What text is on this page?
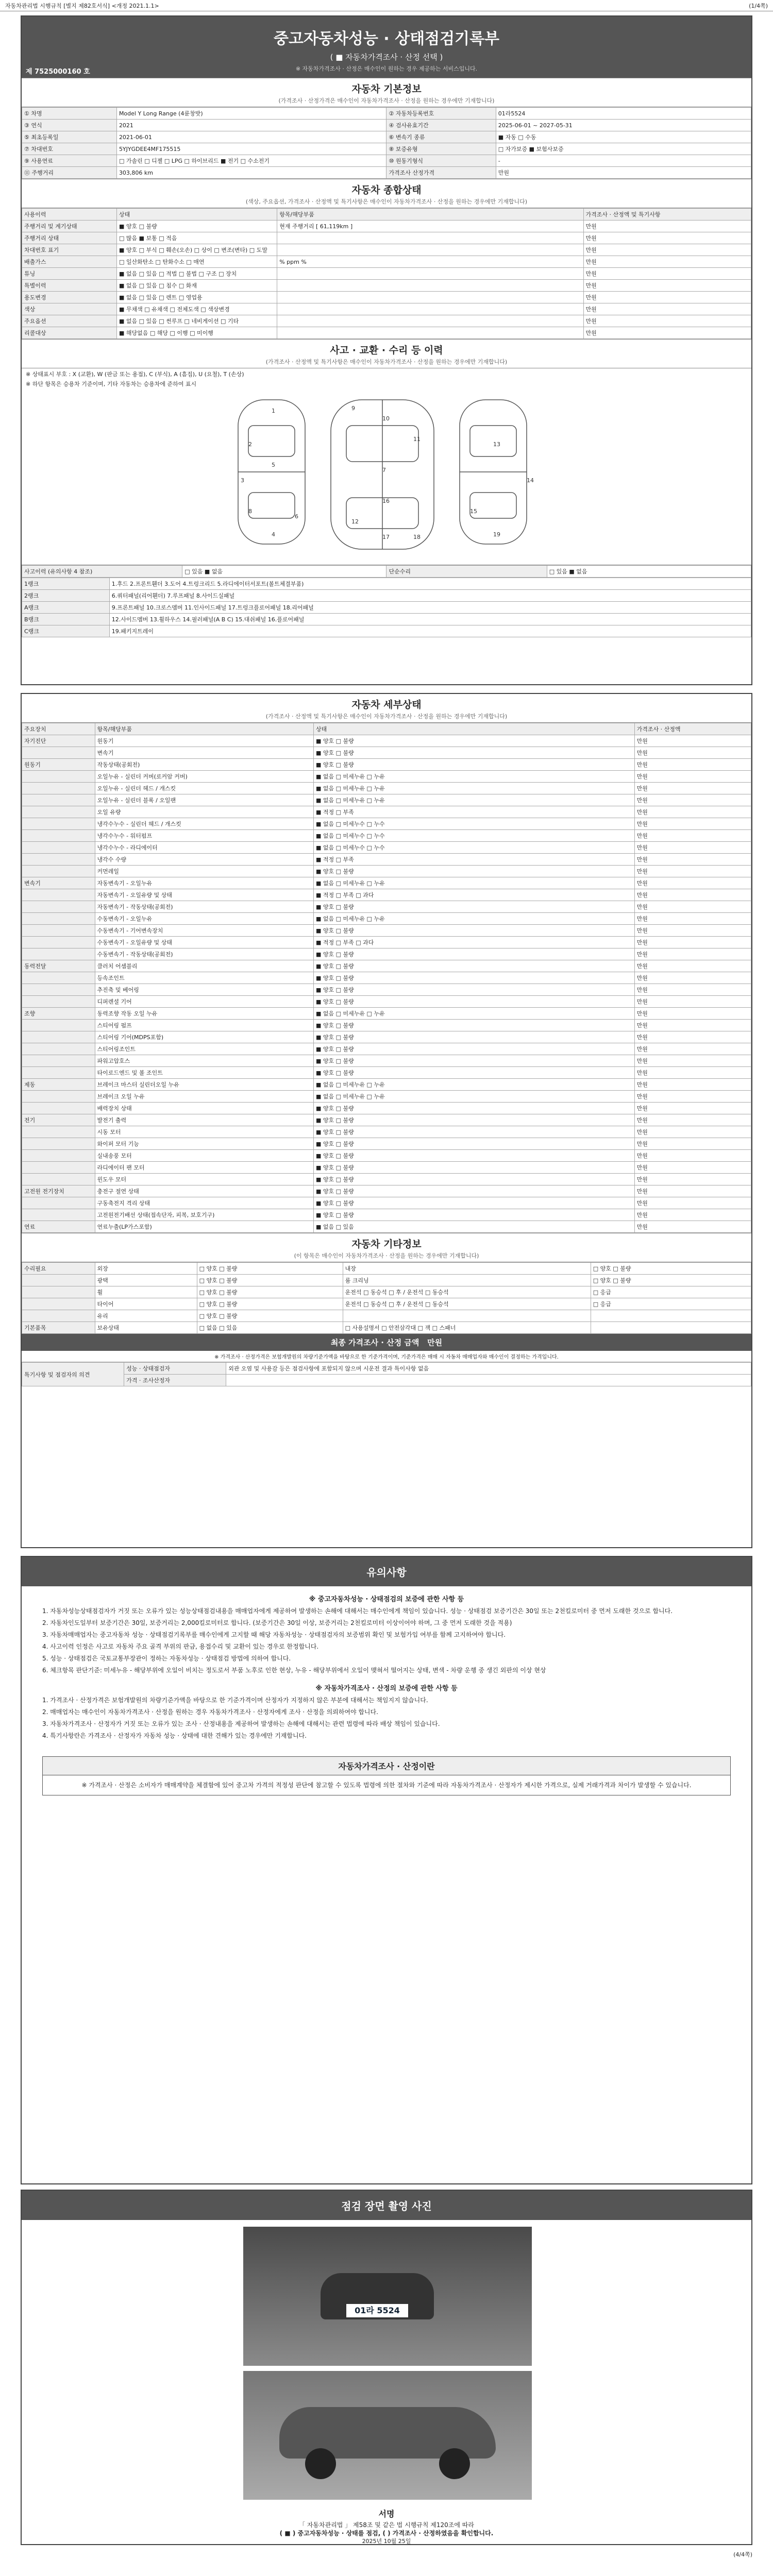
자동차관리법 시행규칙 [별지 제82호서식] <개정 2021.1.1>	(1/4쪽)
중고자동차성능 · 상태점검기록부
( ■ 자동차가격조사 · 산정 선택 )
※ 자동차가격조사 · 산정은 매수인이 원하는 경우 제공하는 서비스입니다.
제 7525000160 호
자동차 기본정보
(가격조사 · 산정가격은 매수인이 자동차가격조사 · 산정을 원하는 경우에만 기재합니다)
① 차명	Model Y Long Range (4륜창밧)	② 자동차등록번호	01라5524
③ 연식	2021	④ 검사유효기간	2025-06-01 ~ 2027-05-31
⑤ 최초등록일	2021-06-01	⑥ 변속기 종류	■ 자동 □ 수동
⑦ 차대번호	5YJYGDEE4MF175515	⑧ 보증유형	□ 자가보증 ■ 보험사보증
⑨ 사용연료	□ 가솔린 □ 디젤 □ LPG □ 하이브리드 ■ 전기 □ 수소전기	⑩ 원동기형식	-
⑪ 주행거리	303,806 km	가격조사 산정가격	만원
자동차 종합상태
(색상, 주요옵션, 가격조사 · 산정액 및 특기사항은 매수인이 자동차가격조사 · 산정을 원하는 경우에만 기재합니다)
사용이력	상태	항목/해당부품	가격조사 · 산정액 및 특기사항
주행거리 및 계기상태	■ 양호 □ 불량	현재 주행거리 [ 61,119km ]	만원
주행거리 상태	□ 많음 ■ 보통 □ 적음		만원
차대번호 표기	■ 양호 □ 부식 □ 훼손(오손) □ 상이 □ 변조(변타) □ 도말		만원
배출가스	□ 일산화탄소 □ 탄화수소 □ 매연	% ppm %	만원
튜닝	■ 없음 □ 있음 □ 적법 □ 불법 □ 구조 □ 장치		만원
특별이력	■ 없음 □ 있음 □ 침수 □ 화재		만원
용도변경	■ 없음 □ 있음 □ 렌트 □ 영업용		만원
색상	■ 무채색 □ 유채색 □ 전체도색 □ 색상변경		만원
주요옵션	■ 없음 □ 있음 □ 썬루프 □ 네비게이션 □ 기타		만원
리콜대상	■ 해당없음 □ 해당 □ 이행 □ 미이행		만원
사고 · 교환 · 수리 등 이력
(가격조사 · 산정액 및 특기사항은 매수인이 자동차가격조사 · 산정을 원하는 경우에만 기재합니다)
※ 상태표시 부호 : X (교환), W (판금 또는 용접), C (부식), A (흠집), U (요철), T (손상)
※ 하단 항목은 승용차 기준이며, 기타 자동차는 승용차에 준하여 표시
1
2
3
4
5
6
7
8
9
10
11
12
13
14
15
16
17	18	19
사고이력 (유의사항 4 참조)	□ 있음 ■ 없음	단순수리	□ 있음 ■ 없음
1랭크	1.후드 2.프론트휀더 3.도어 4.트렁크리드 5.라디에이터서포트(볼트체결부품)
2랭크	6.쿼터패널(리어휀더) 7.루프패널 8.사이드실패널
A랭크	9.프론트패널 10.크로스멤버 11.인사이드패널 17.트렁크플로어패널 18.리어패널
B랭크	12.사이드멤버 13.휠하우스 14.필러패널(A B C) 15.대쉬패널 16.플로어패널
C랭크	19.패키지트레이
자동차 세부상태
(가격조사 · 산정액 및 특기사항은 매수인이 자동차가격조사 · 산정을 원하는 경우에만 기재합니다)
주요장치	항목/해당부품	상태	가격조사 · 산정액
자기진단	원동기	■ 양호 □ 불량	만원
	변속기	■ 양호 □ 불량	만원
원동기	작동상태(공회전)	■ 양호 □ 불량	만원
	오일누유 - 실린더 커버(로커암 커버)	■ 없음 □ 미세누유 □ 누유	만원
	오일누유 - 실린더 헤드 / 개스킷	■ 없음 □ 미세누유 □ 누유	만원
	오일누유 - 실린더 블록 / 오일팬	■ 없음 □ 미세누유 □ 누유	만원
	오일 유량	■ 적정 □ 부족	만원
	냉각수누수 - 실린더 헤드 / 개스킷	■ 없음 □ 미세누수 □ 누수	만원
	냉각수누수 - 워터펌프	■ 없음 □ 미세누수 □ 누수	만원
	냉각수누수 - 라디에이터	■ 없음 □ 미세누수 □ 누수	만원
	냉각수 수량	■ 적정 □ 부족	만원
	커먼레일	■ 양호 □ 불량	만원
변속기	자동변속기 - 오일누유	■ 없음 □ 미세누유 □ 누유	만원
	자동변속기 - 오일유량 및 상태	■ 적정 □ 부족 □ 과다	만원
	자동변속기 - 작동상태(공회전)	■ 양호 □ 불량	만원
	수동변속기 - 오일누유	■ 없음 □ 미세누유 □ 누유	만원
	수동변속기 - 기어변속장치	■ 양호 □ 불량	만원
	수동변속기 - 오일유량 및 상태	■ 적정 □ 부족 □ 과다	만원
	수동변속기 - 작동상태(공회전)	■ 양호 □ 불량	만원
동력전달	클러치 어셈블리	■ 양호 □ 불량	만원
	등속조인트	■ 양호 □ 불량	만원
	추진축 및 베어링	■ 양호 □ 불량	만원
	디퍼렌셜 기어	■ 양호 □ 불량	만원
조향	동력조향 작동 오일 누유	■ 없음 □ 미세누유 □ 누유	만원
	스티어링 펌프	■ 양호 □ 불량	만원
	스티어링 기어(MDPS포함)	■ 양호 □ 불량	만원
	스티어링조인트	■ 양호 □ 불량	만원
	파워고압호스	■ 양호 □ 불량	만원
	타이로드엔드 및 볼 조인트	■ 양호 □ 불량	만원
제동	브레이크 마스터 실린더오일 누유	■ 없음 □ 미세누유 □ 누유	만원
	브레이크 오일 누유	■ 없음 □ 미세누유 □ 누유	만원
	배력장치 상태	■ 양호 □ 불량	만원
전기	발전기 출력	■ 양호 □ 불량	만원
	시동 모터	■ 양호 □ 불량	만원
	와이퍼 모터 기능	■ 양호 □ 불량	만원
	실내송풍 모터	■ 양호 □ 불량	만원
	라디에이터 팬 모터	■ 양호 □ 불량	만원
	윈도우 모터	■ 양호 □ 불량	만원
고전원 전기장치	충전구 절연 상태	■ 양호 □ 불량	만원
	구동축전지 격리 상태	■ 양호 □ 불량	만원
	고전원전기배선 상태(접속단자, 피복, 보호기구)	■ 양호 □ 불량	만원
연료	연료누출(LP가스포함)	■ 없음 □ 있음	만원
자동차 기타정보
(이 항목은 매수인이 자동차가격조사 · 산정을 원하는 경우에만 기재합니다)
수리필요	외장	□ 양호 □ 불량	내장	□ 양호 □ 불량
	광택	□ 양호 □ 불량	룸 크리닝	□ 양호 □ 불량
	휠	□ 양호 □ 불량	운전석 □ 동승석 □ 후 / 운전석 □ 동승석	□ 응급
	타이어	□ 양호 □ 불량	운전석 □ 동승석 □ 후 / 운전석 □ 동승석	□ 응급
	유리	□ 양호 □ 불량		
기본품목	보유상태	□ 없음 □ 있음	□ 사용설명서 □ 안전삼각대 □ 잭 □ 스패너	
최종 가격조사 · 산정 금액 만원
※ 가격조사 · 산정가격은 보험개발원의 차량기준가액을 바탕으로 한 기준가격이며, 기준가격은 매매 시 자동차 매매업자와 매수인이 결정하는 가격입니다.
특기사항 및 점검자의 의견	성능 · 상태점검자	외관 오염 및 사용감 등은 점검사항에 포함되지 않으며 시운전 결과 특이사항 없음
	가격 · 조사산정자	
유의사항

※ 중고자동차성능 · 상태점검의 보증에 관한 사항 등

1. 자동차성능상태점검자가 거짓 또는 오류가 있는 성능상태점검내용을 매매업자에게 제공하여 발생하는 손해에 대해서는 매수인에게 책임이 있습니다. 성능 · 상태점검 보증기간은 30일 또는 2천킬로미터 중 먼저 도래한 것으로 합니다.

2. 자동차인도일부터 보증기간은 30일, 보증거리는 2,000킬로미터로 합니다. (보증기간은 30일 이상, 보증거리는 2천킬로미터 이상이어야 하며, 그 중 먼저 도래한 것을 적용)

3. 자동차매매업자는 중고자동차 성능 · 상태점검기록부를 매수인에게 고지할 때 해당 자동차성능 · 상태점검자의 보증범위 확인 및 보험가입 여부를 함께 고지하여야 합니다.

4. 사고이력 인정은 사고로 자동차 주요 골격 부위의 판금, 용접수리 및 교환이 있는 경우로 한정합니다.

5. 성능 · 상태점검은 국토교통부장관이 정하는 자동차성능 · 상태점검 방법에 의하여 합니다.

6. 체크항목 판단기준: 미세누유 - 해당부위에 오일이 비치는 정도로서 부품 노후로 인한 현상, 누유 - 해당부위에서 오일이 맺혀서 떨어지는 상태, 변색 - 차량 운행 중 생긴 외판의 이상 현상

※ 자동차가격조사 · 산정의 보증에 관한 사항 등

1. 가격조사 · 산정가격은 보험개발원의 차량기준가액을 바탕으로 한 기준가격이며 산정자가 지정하지 않은 부분에 대해서는 책임지지 않습니다.

2. 매매업자는 매수인이 자동차가격조사 · 산정을 원하는 경우 자동차가격조사 · 산정자에게 조사 · 산정을 의뢰하여야 합니다.

3. 자동차가격조사 · 산정자가 거짓 또는 오류가 있는 조사 · 산정내용을 제공하여 발생하는 손해에 대해서는 관련 법령에 따라 배상 책임이 있습니다.

4. 특기사항란은 가격조사 · 산정자가 자동차 성능 · 상태에 대한 견해가 있는 경우에만 기재합니다.

자동차가격조사 · 산정이란
※ 가격조사 · 산정은 소비자가 매매계약을 체결함에 있어 중고차 가격의 적정성 판단에 참고할 수 있도록 법령에 의한 절차와 기준에 따라 자동차가격조사 · 산정자가 제시한 가격으로, 실제 거래가격과 차이가 발생할 수 있습니다.
점검 장면 촬영 사진
01라 5524
서명
「 자동차관리법 」 제58조 및 같은 법 시행규칙 제120조에 따라
( ■ ) 중고자동차성능 · 상태를 점검, ( ) 가격조사 · 산정하였음을 확인합니다.
2025년 10월 25일
(4/4쪽)
